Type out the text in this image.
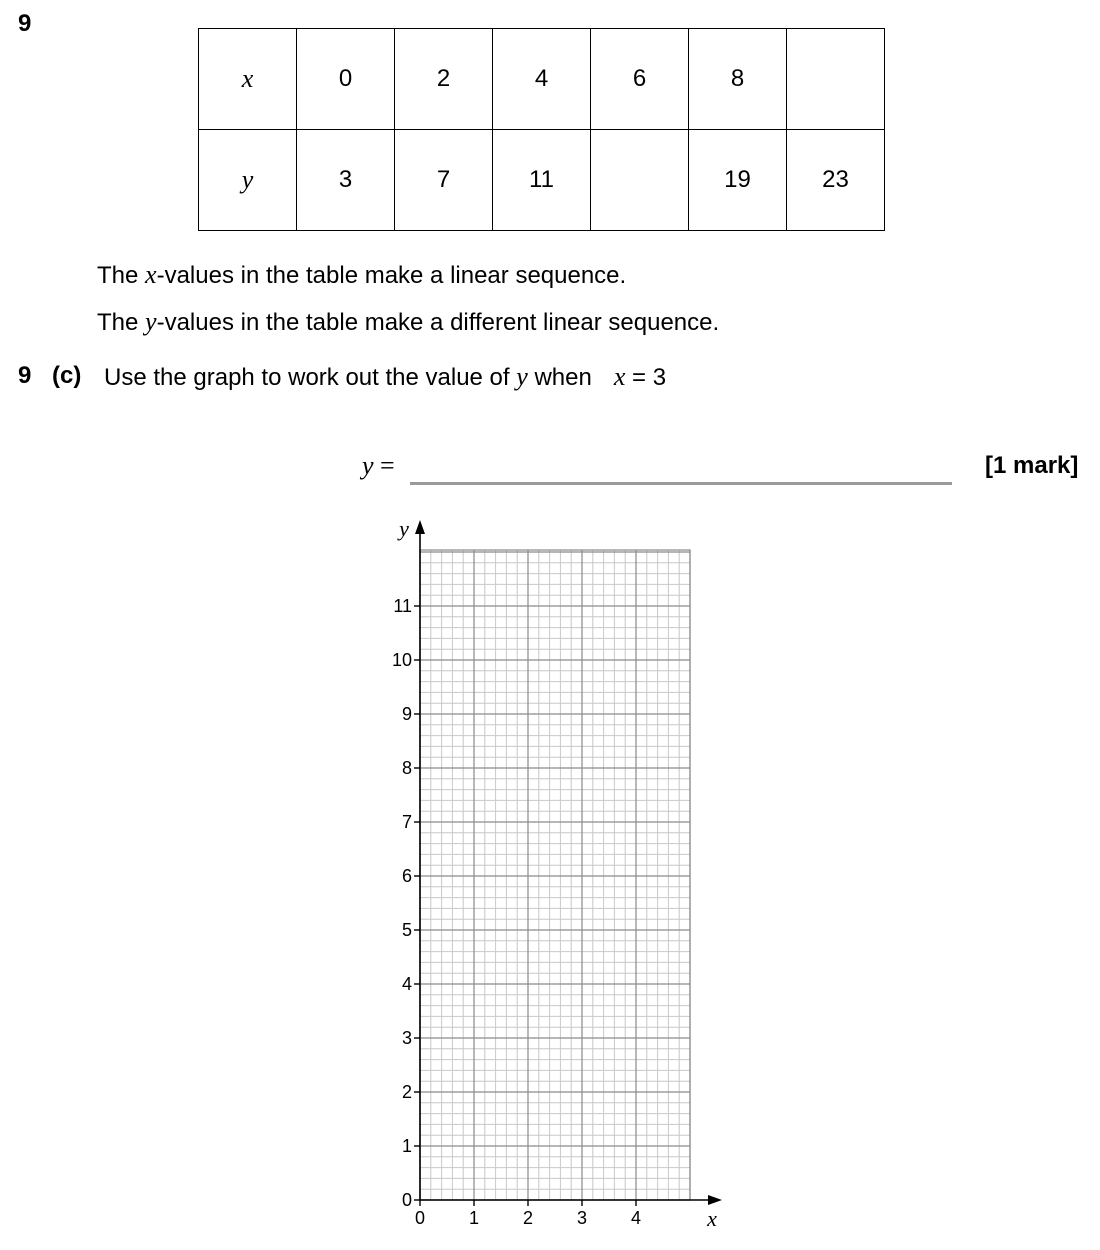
9
x	0	2	4	6	8	
y	3	7	11		19	23
The x-values in the table make a linear sequence.
The y-values in the table make a different linear sequence.
9 (c) Use the graph to work out the value of y when x = 3
y =	[1 mark]
0 1 2 3 4
0
1
2
3
4
5
6
7
8
9
10
11
x
y
